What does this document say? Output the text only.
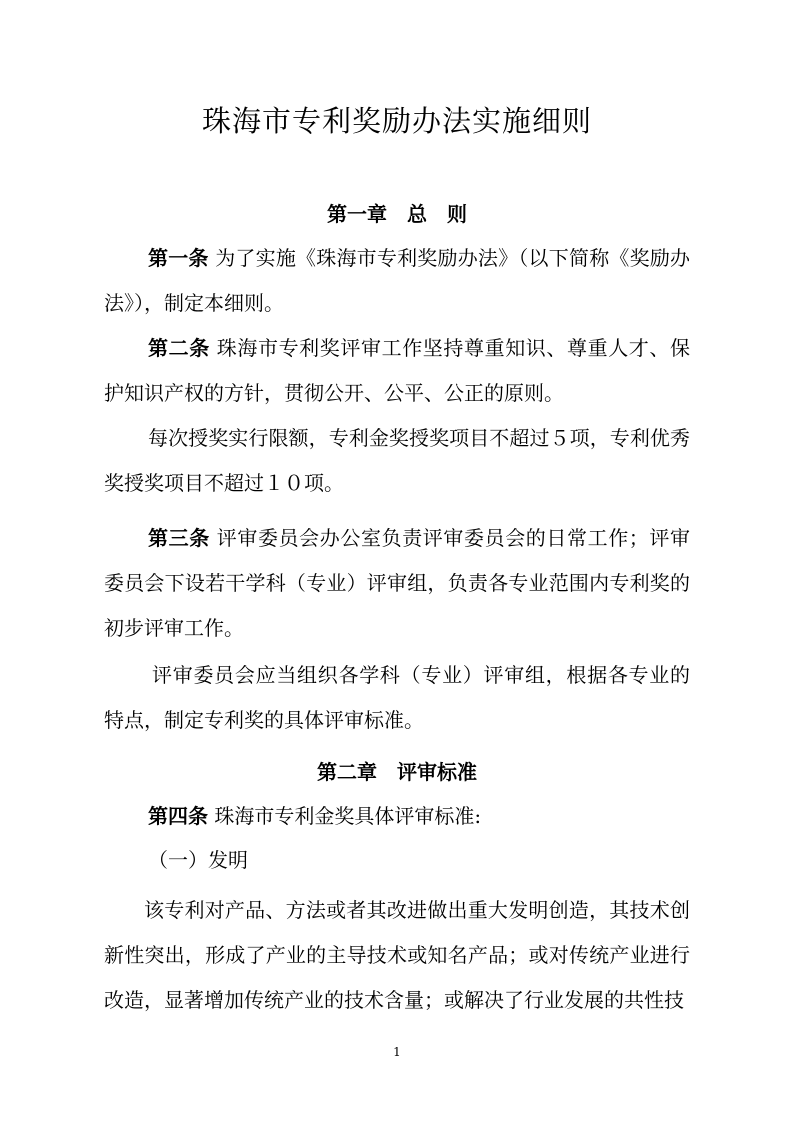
珠海市专利奖励办法实施细则
第一章 总　则
第一条 为了实施《珠海市专利奖励办法》（以下简称《奖励办法》），制定本细则。
第二条 珠海市专利奖评审工作坚持尊重知识、尊重人才、保护知识产权的方针，贯彻公开、公平、公正的原则。
每次授奖实行限额，专利金奖授奖项目不超过５项，专利优秀奖授奖项目不超过１０项。
第三条 评审委员会办公室负责评审委员会的日常工作；评审委员会下设若干学科（专业）评审组，负责各专业范围内专利奖的初步评审工作。
评审委员会应当组织各学科（专业）评审组，根据各专业的特点，制定专利奖的具体评审标准。
第二章 评审标准
第四条 珠海市专利金奖具体评审标准:
（一）发明
该专利对产品、方法或者其改进做出重大发明创造，其技术创新性突出，形成了产业的主导技术或知名产品；或对传统产业进行改造，显著增加传统产业的技术含量；或解决了行业发展的共性技
1
